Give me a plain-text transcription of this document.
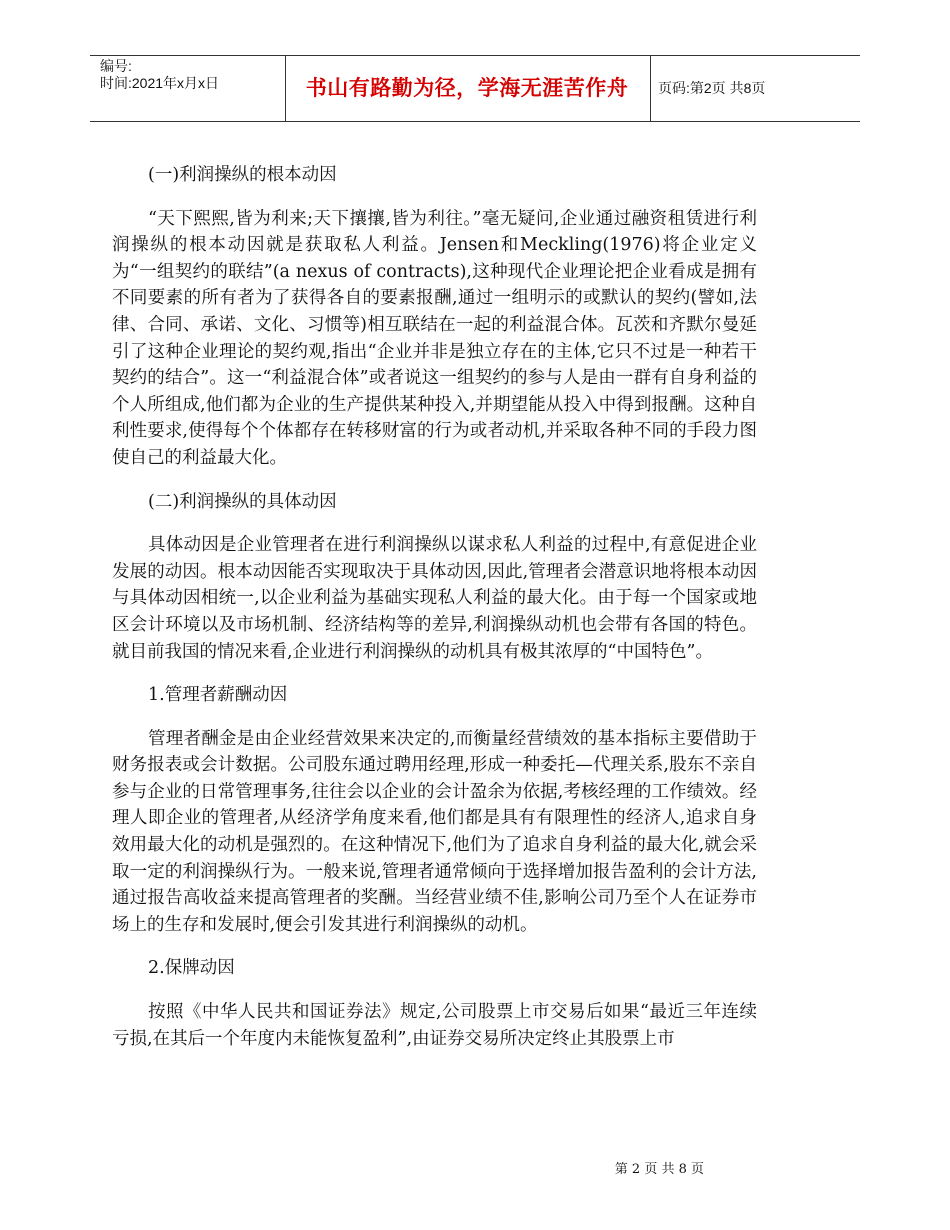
编号:
时间:2021年x月x日	书山有路勤为径，学海无涯苦作舟	页码:第2页 共8页

(一)利润操纵的根本动因

“天下熙熙,皆为利来;天下攘攘,皆为利往。”毫无疑问,企业通过融资租赁进行利润操纵的根本动因就是获取私人利益。Jensen和Meckling(1976)将企业定义为“一组契约的联结”(a nexus of contracts),这种现代企业理论把企业看成是拥有不同要素的所有者为了获得各自的要素报酬,通过一组明示的或默认的契约(譬如,法律、合同、承诺、文化、习惯等)相互联结在一起的利益混合体。瓦茨和齐默尔曼延引了这种企业理论的契约观,指出“企业并非是独立存在的主体,它只不过是一种若干契约的结合”。这一“利益混合体”或者说这一组契约的参与人是由一群有自身利益的个人所组成,他们都为企业的生产提供某种投入,并期望能从投入中得到报酬。这种自利性要求,使得每个个体都存在转移财富的行为或者动机,并采取各种不同的手段力图使自己的利益最大化。

(二)利润操纵的具体动因

具体动因是企业管理者在进行利润操纵以谋求私人利益的过程中,有意促进企业发展的动因。根本动因能否实现取决于具体动因,因此,管理者会潜意识地将根本动因与具体动因相统一,以企业利益为基础实现私人利益的最大化。由于每一个国家或地区会计环境以及市场机制、经济结构等的差异,利润操纵动机也会带有各国的特色。就目前我国的情况来看,企业进行利润操纵的动机具有极其浓厚的“中国特色”。

1.管理者薪酬动因

管理者酬金是由企业经营效果来决定的,而衡量经营绩效的基本指标主要借助于财务报表或会计数据。公司股东通过聘用经理,形成一种委托—代理关系,股东不亲自参与企业的日常管理事务,往往会以企业的会计盈余为依据,考核经理的工作绩效。经理人即企业的管理者,从经济学角度来看,他们都是具有有限理性的经济人,追求自身效用最大化的动机是强烈的。在这种情况下,他们为了追求自身利益的最大化,就会采取一定的利润操纵行为。一般来说,管理者通常倾向于选择增加报告盈利的会计方法,通过报告高收益来提高管理者的奖酬。当经营业绩不佳,影响公司乃至个人在证券市场上的生存和发展时,便会引发其进行利润操纵的动机。

2.保牌动因

按照《中华人民共和国证券法》规定,公司股票上市交易后如果“最近三年连续亏损,在其后一个年度内未能恢复盈利”,由证券交易所决定终止其股票上市

第 2 页 共 8 页
